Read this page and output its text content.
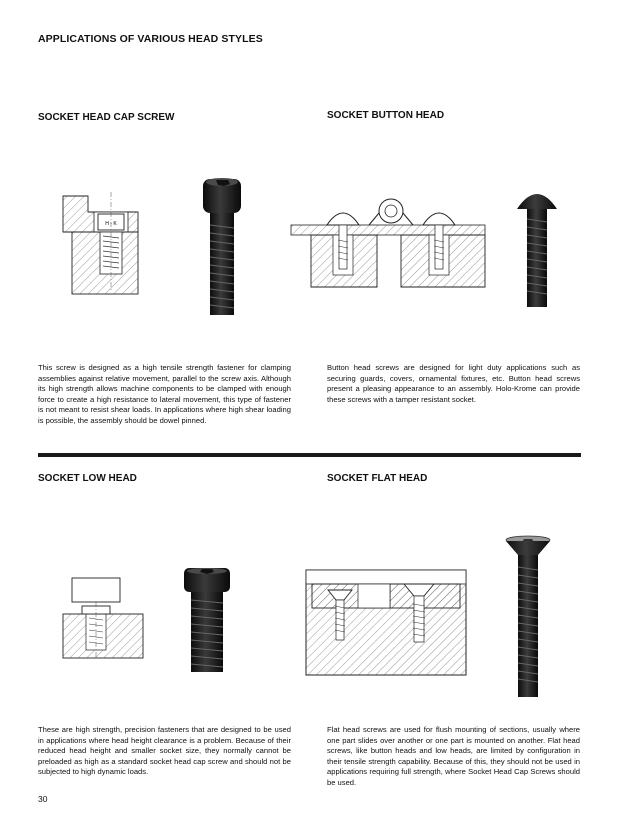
APPLICATIONS OF VARIOUS HEAD STYLES
SOCKET HEAD CAP SCREW
H - K
This screw is designed as a high tensile strength fastener for clamping assemblies against relative movement, parallel to the screw axis. Although its high strength allows machine components to be clamped with enough force to create a high resistance to lateral movement, this type of fastener is not meant to resist shear loads. In applications where high shear loading is possible, the assembly should be dowel pinned.
SOCKET BUTTON HEAD
Button head screws are designed for light duty applications such as securing guards, covers, ornamental fixtures, etc. Button head screws present a pleasing appearance to an assembly. Holo-Krome can provide these screws with a tamper resistant socket.
SOCKET LOW HEAD
These are high strength, precision fasteners that are designed to be used in applications where head height clearance is a problem. Because of their reduced head height and smaller socket size, they normally cannot be preloaded as high as a standard socket head cap screw and should not be subjected to high dynamic loads.
SOCKET FLAT HEAD
Flat head screws are used for flush mounting of sections, usually where one part slides over another or one part is mounted on another. Flat head screws, like button heads and low heads, are limited by configuration in their tensile strength capability. Because of this, they should not be used in applications requiring full strength, where Socket Head Cap Screws should be used.
30
